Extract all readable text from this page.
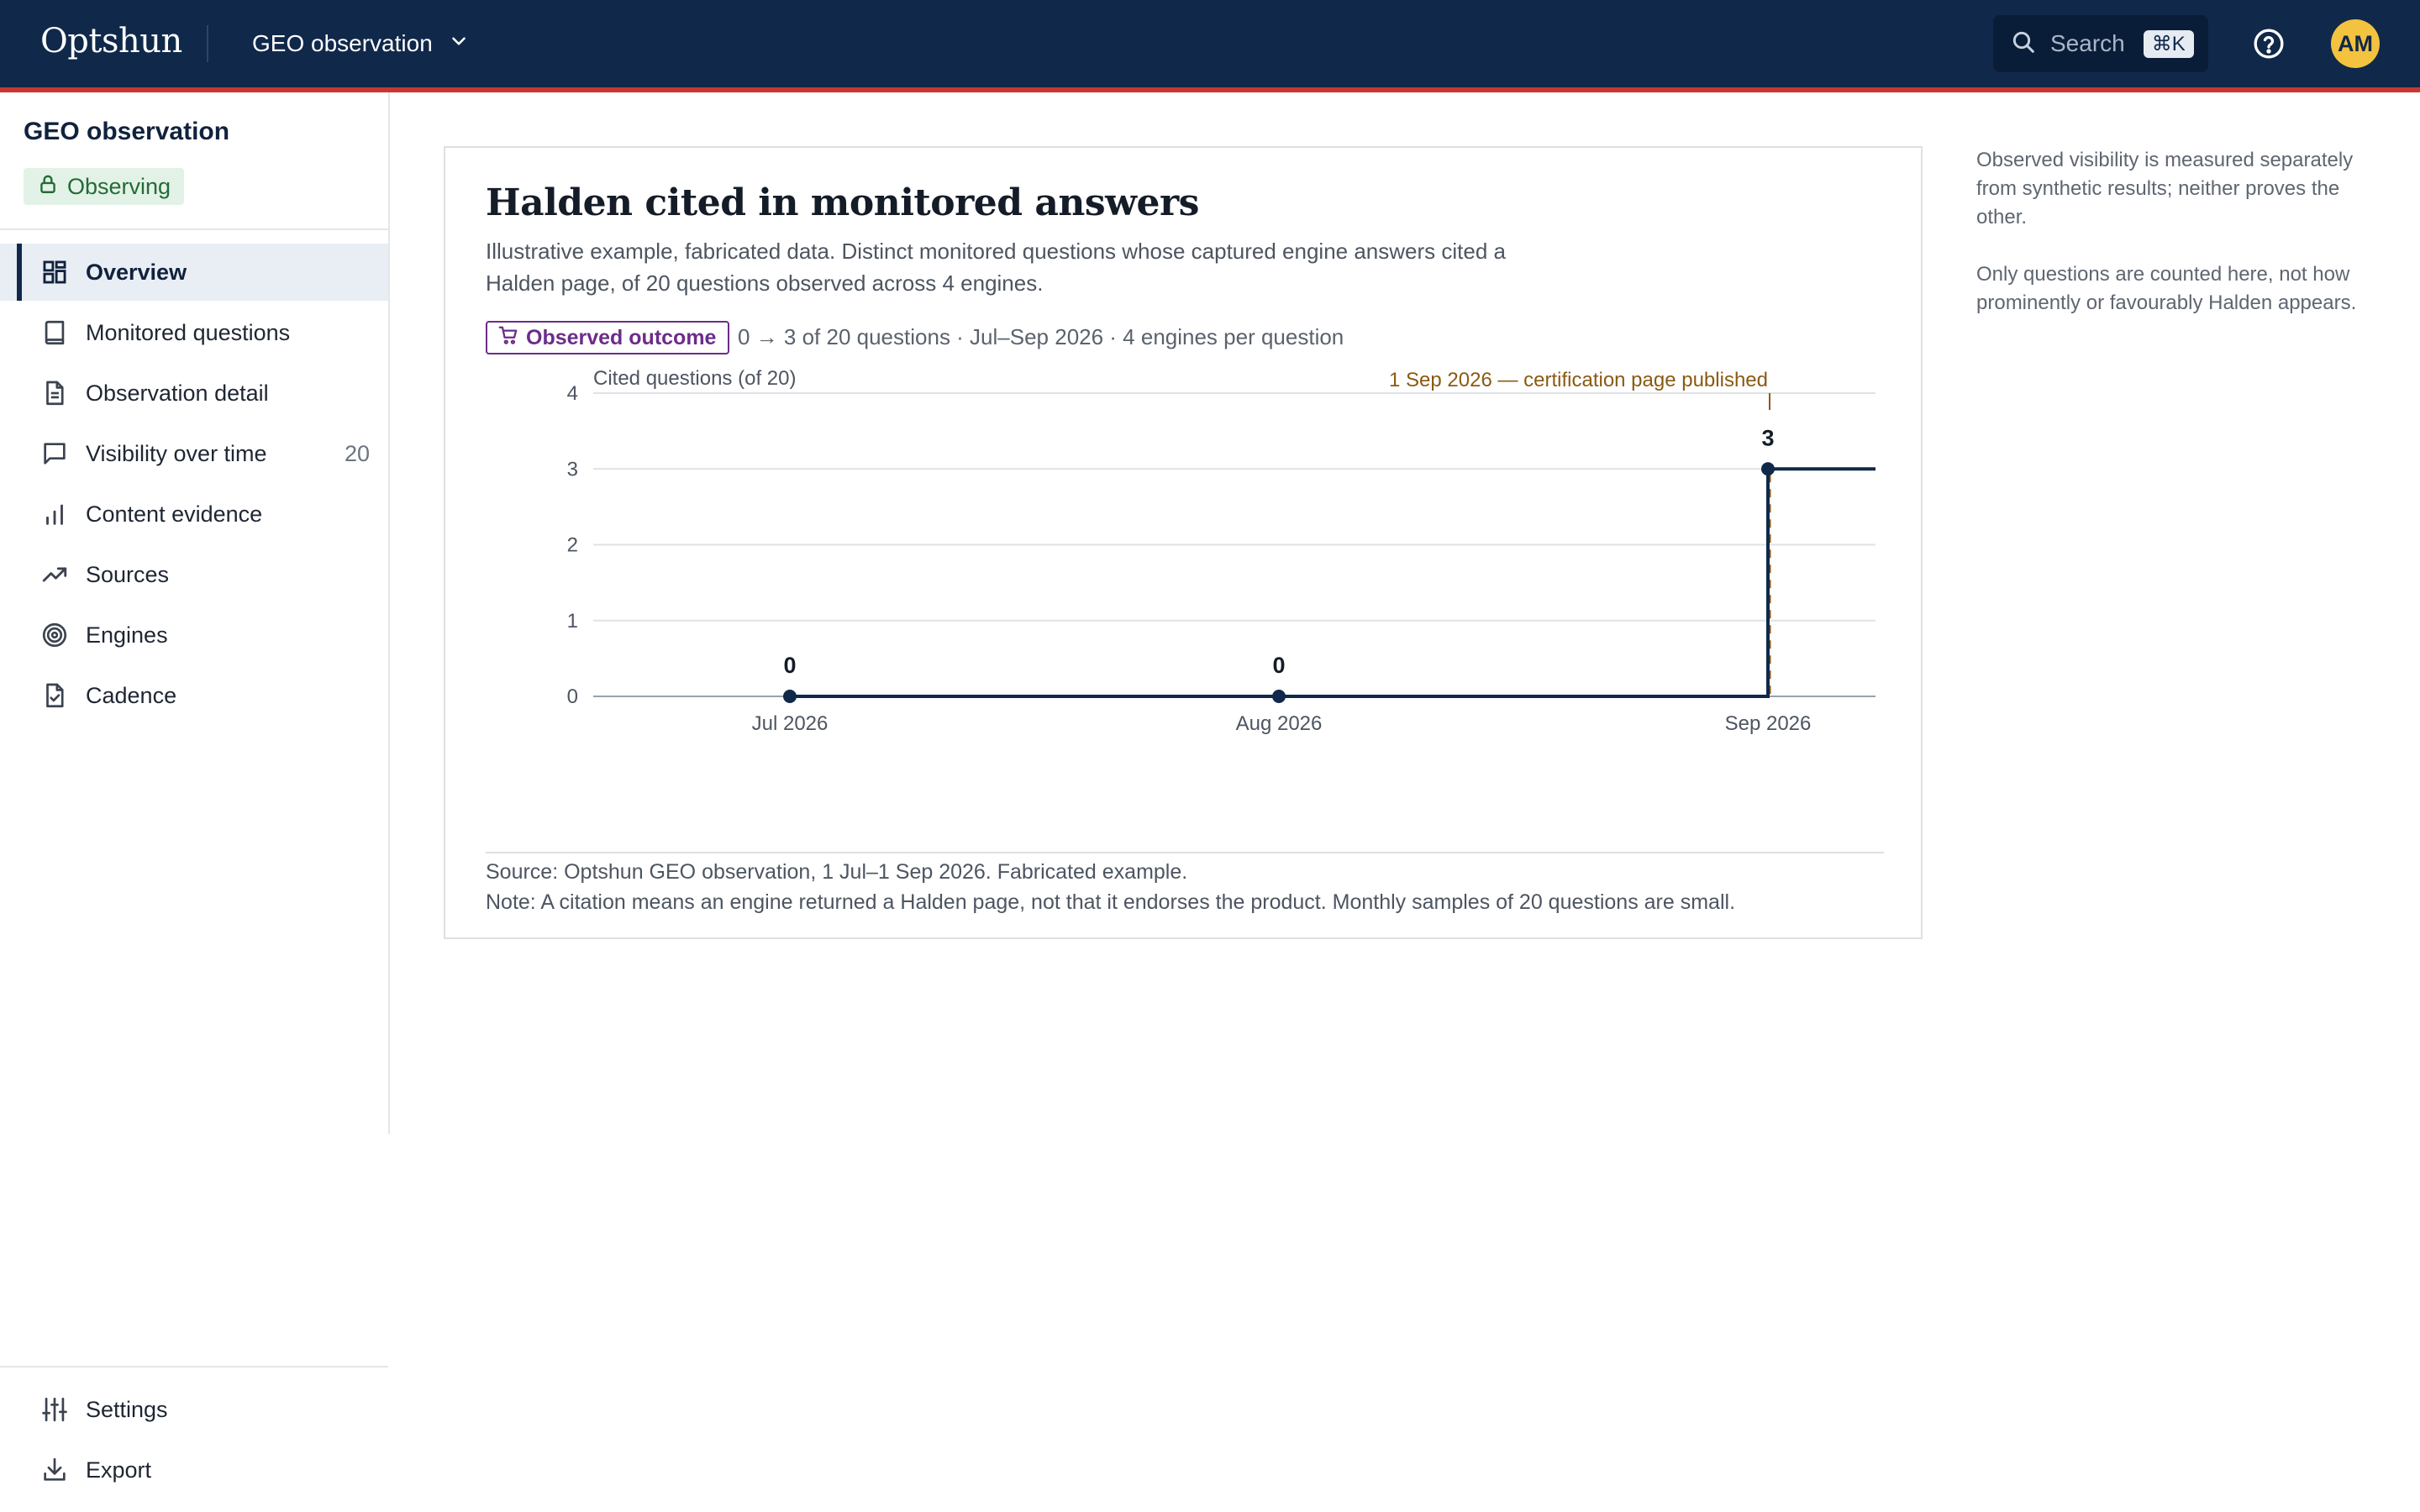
Optshun	GEO observation	Search	⌘K	AM
GEO observation
Observing
Overview
Monitored questions
Observation detail
Visibility over time	20
Content evidence
Sources
Engines
Cadence
Settings
Export
Halden cited in monitored answers
Illustrative example, fabricated data. Distinct monitored questions whose captured engine answers cited a Halden page, of 20 questions observed across 4 engines.
Observed outcome 0 → 3 of 20 questions · Jul–Sep 2026 · 4 engines per question
Cited questions (of 20)
0
1
2
3
4
Jul 2026	Aug 2026	Sep 2026
1 Sep 2026 — certification page published
0	0
3
Source: Optshun GEO observation, 1 Jul–1 Sep 2026. Fabricated example.
Note: A citation means an engine returned a Halden page, not that it endorses the product. Monthly samples of 20 questions are small.

Observed visibility is measured separately from synthetic results; neither proves the other.

Only questions are counted here, not how prominently or favourably Halden appears.
